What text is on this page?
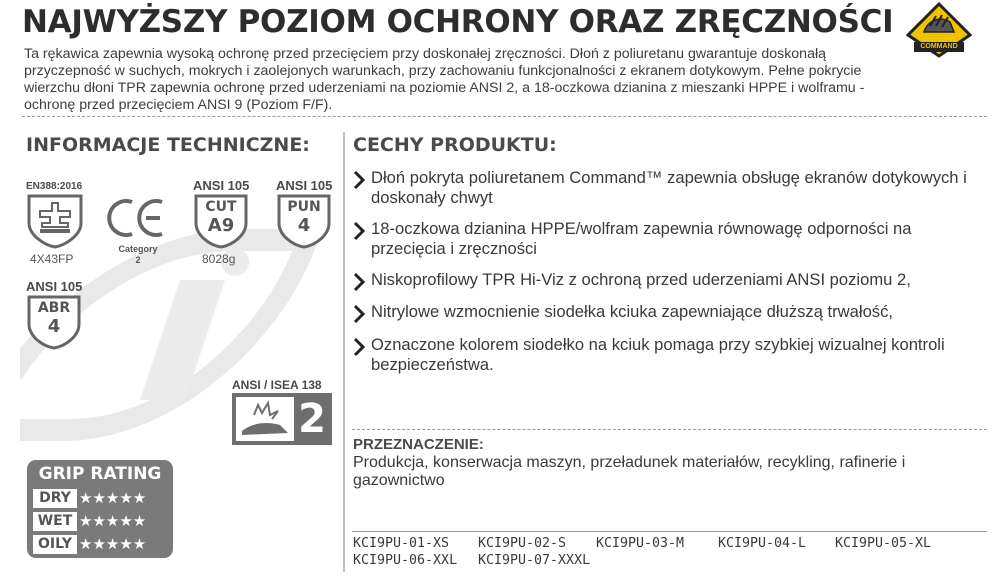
NAJWYŻSZY POZIOM OCHRONY ORAZ ZRĘCZNOŚCI
COMMAND
Ta rękawica zapewnia wysoką ochronę przed przecięciem przy doskonałej zręczności. Dłoń z poliuretanu gwarantuje doskonałą przyczepność w suchych, mokrych i zaolejonych warunkach, przy zachowaniu funkcjonalności z ekranem dotykowym. Pełne pokrycie wierzchu dłoni TPR zapewnia ochronę przed uderzeniami na poziomie ANSI 2, a 18-oczkowa dzianina z mieszanki HPPE i wolframu - ochronę przed przecięciem ANSI 9 (Poziom F/F).
INFORMACJE TECHNICZNE:
EN388:2016
4X43FP
Category
2
ANSI 105
CUT
A9
8028g
ANSI 105
PUN
4
ANSI 105
ABR
4
ANSI / ISEA 138
2
GRIP RATING
DRY ★★★★★
WET ★★★★★
OILY ★★★★★
CECHY PRODUKTU:
Dłoń pokryta poliuretanem Command™ zapewnia obsługę ekranów dotykowych i doskonały chwyt
18-oczkowa dzianina HPPE/wolfram zapewnia równowagę odporności na przecięcia i zręczności
Niskoprofilowy TPR Hi-Viz z ochroną przed uderzeniami ANSI poziomu 2,
Nitrylowe wzmocnienie siodełka kciuka zapewniające dłuższą trwałość,
Oznaczone kolorem siodełko na kciuk pomaga przy szybkiej wizualnej kontroli bezpieczeństwa.
PRZEZNACZENIE:
Produkcja, konserwacja maszyn, przeładunek materiałów, recykling, rafinerie i gazownictwo
KCI9PU-01-XS KCI9PU-02-S KCI9PU-03-M	KCI9PU-04-L KCI9PU-05-XL
KCI9PU-06-XXL KCI9PU-07-XXXL
